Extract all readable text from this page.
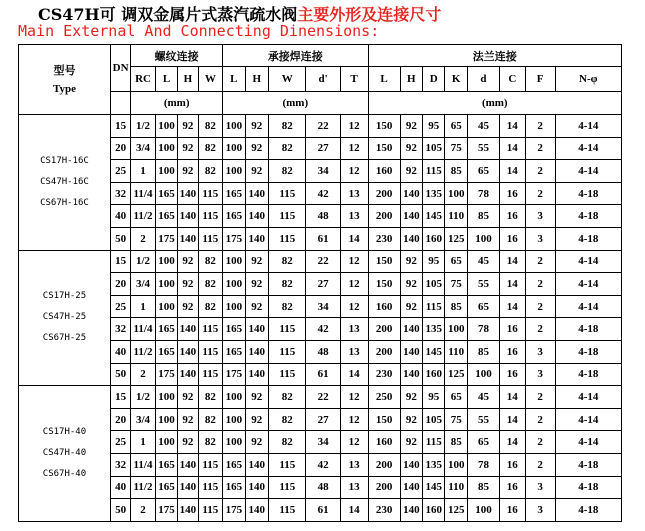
CS47H可 调双金属片式蒸汽疏水阀主要外形及连接尺寸
Main External And Connecting Dinensions:
型号
Type	DN	螺纹连接				承接焊连接					法兰连接							
		RC	L	H	W	L	H	W	d'	T	L	H	D	K	d	C	F	N-φ
		(mm)				(mm)					(mm)							

CS17H-16C
CS47H-16C
CS67H-16C	15	1/2	100	92	82	100	92	82	22	12	150	92	95	65	45	14	2	4-14
	20	3/4	100	92	82	100	92	82	27	12	150	92	105	75	55	14	2	4-14
	25	1	100	92	82	100	92	82	34	12	160	92	115	85	65	14	2	4-14
	32	11/4	165	140	115	165	140	115	42	13	200	140	135	100	78	16	2	4-18
	40	11/2	165	140	115	165	140	115	48	13	200	140	145	110	85	16	3	4-18
	50	2	175	140	115	175	140	115	61	14	230	140	160	125	100	16	3	4-18

CS17H-25
CS47H-25
CS67H-25	15	1/2	100	92	82	100	92	82	22	12	150	92	95	65	45	14	2	4-14
	20	3/4	100	92	82	100	92	82	27	12	150	92	105	75	55	14	2	4-14
	25	1	100	92	82	100	92	82	34	12	160	92	115	85	65	14	2	4-14
	32	11/4	165	140	115	165	140	115	42	13	200	140	135	100	78	16	2	4-18
	40	11/2	165	140	115	165	140	115	48	13	200	140	145	110	85	16	3	4-18
	50	2	175	140	115	175	140	115	61	14	230	140	160	125	100	16	3	4-18

CS17H-40
CS47H-40
CS67H-40	15	1/2	100	92	82	100	92	82	22	12	250	92	95	65	45	14	2	4-14
	20	3/4	100	92	82	100	92	82	27	12	150	92	105	75	55	14	2	4-14
	25	1	100	92	82	100	92	82	34	12	160	92	115	85	65	14	2	4-14
	32	11/4	165	140	115	165	140	115	42	13	200	140	135	100	78	16	2	4-18
	40	11/2	165	140	115	165	140	115	48	13	200	140	145	110	85	16	3	4-18
	50	2	175	140	115	175	140	115	61	14	230	140	160	125	100	16	3	4-18
